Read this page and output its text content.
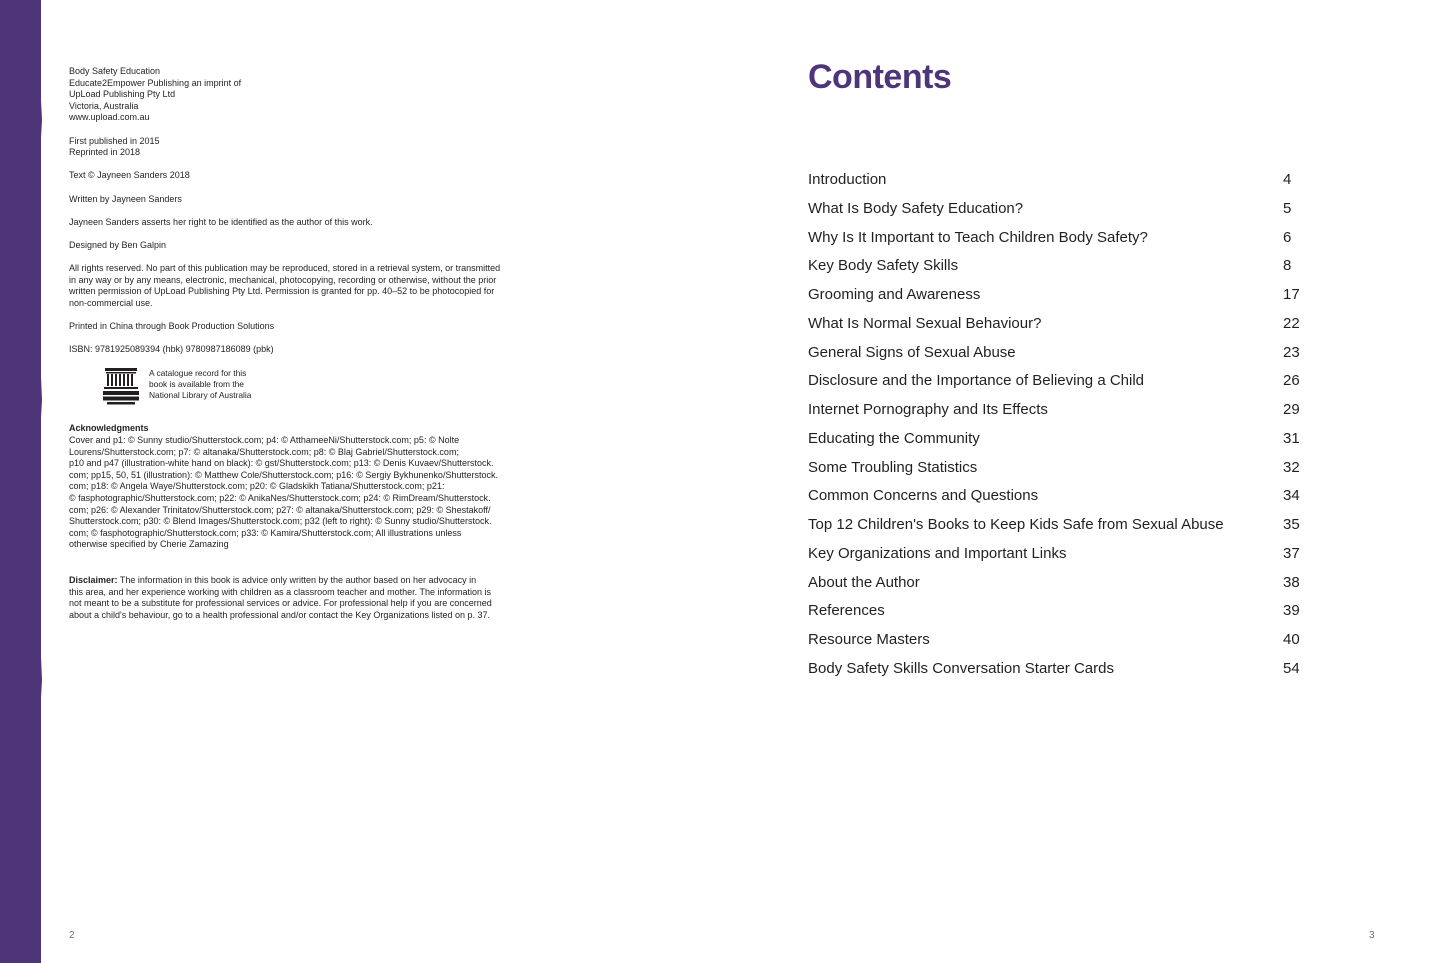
Body Safety Education
Educate2Empower Publishing an imprint of
UpLoad Publishing Pty Ltd
Victoria, Australia
www.upload.com.au

First published in 2015
Reprinted in 2018

Text © Jayneen Sanders 2018

Written by Jayneen Sanders

Jayneen Sanders asserts her right to be identified as the author of this work.

Designed by Ben Galpin

All rights reserved. No part of this publication may be reproduced, stored in a retrieval system, or transmitted
in any way or by any means, electronic, mechanical, photocopying, recording or otherwise, without the prior
written permission of UpLoad Publishing Pty Ltd. Permission is granted for pp. 40–52 to be photocopied for
non-commercial use.

Printed in China through Book Production Solutions

ISBN: 9781925089394 (hbk) 9780987186089 (pbk)

A catalogue record for this
book is available from the
National Library of Australia

Acknowledgments
Cover and p1: © Sunny studio/Shutterstock.com; p4: © AtthameeNi/Shutterstock.com; p5: © Nolte
Lourens/Shutterstock.com; p7: © altanaka/Shutterstock.com; p8: © Blaj Gabriel/Shutterstock.com;
p10 and p47 (illustration-white hand on black): © gst/Shutterstock.com; p13: © Denis Kuvaev/Shutterstock.
com; pp15, 50, 51 (illustration): © Matthew Cole/Shutterstock.com; p16: © Sergiy Bykhunenko/Shutterstock.
com; p18: © Angela Waye/Shutterstock.com; p20: © Gladskikh Tatiana/Shutterstock.com; p21:
© fasphotographic/Shutterstock.com; p22: © AnikaNes/Shutterstock.com; p24: © RimDream/Shutterstock.
com; p26: © Alexander Trinitatov/Shutterstock.com; p27: © altanaka/Shutterstock.com; p29: © Shestakoff/
Shutterstock.com; p30: © Blend Images/Shutterstock.com; p32 (left to right): © Sunny studio/Shutterstock.
com; © fasphotographic/Shutterstock.com; p33: © Kamira/Shutterstock.com; All illustrations unless
otherwise specified by Cherie Zamazing

Disclaimer: The information in this book is advice only written by the author based on her advocacy in
this area, and her experience working with children as a classroom teacher and mother. The information is
not meant to be a substitute for professional services or advice. For professional help if you are concerned
about a child's behaviour, go to a health professional and/or contact the Key Organizations listed on p. 37.

2	3
Contents
Introduction	4
What Is Body Safety Education?	5
Why Is It Important to Teach Children Body Safety?	6
Key Body Safety Skills	8
Grooming and Awareness	17
What Is Normal Sexual Behaviour?	22
General Signs of Sexual Abuse	23
Disclosure and the Importance of Believing a Child	26
Internet Pornography and Its Effects	29
Educating the Community	31
Some Troubling Statistics	32
Common Concerns and Questions	34
Top 12 Children's Books to Keep Kids Safe from Sexual Abuse	35
Key Organizations and Important Links	37
About the Author	38
References	39
Resource Masters	40
Body Safety Skills Conversation Starter Cards	54
